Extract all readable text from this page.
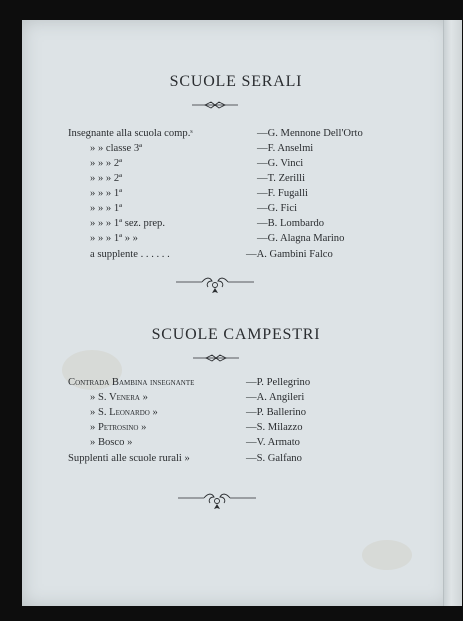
SCUOLE SERALI
Insegnante alla scuola comp.ˢ	—G. Mennone Dell'Orto
» » classe 3ª	—F. Anselmi
» » » 2ª	—G. Vinci
» » » 2ª	—T. Zerilli
» » » 1ª	—F. Fugalli
» » » 1ª	—G. Fici
» » » 1ª sez. prep.	—B. Lombardo
» » » 1ª » »	—G. Alagna Marino
a supplente . . . . . .	—A. Gambini Falco
SCUOLE CAMPESTRI
Contrada Bambina insegnante	—P. Pellegrino
» S. Venera »	—A. Angileri
» S. Leonardo »	—P. Ballerino
» Petrosino »	—S. Milazzo
» Bosco »	—V. Armato
Supplenti alle scuole rurali »	—S. Galfano
